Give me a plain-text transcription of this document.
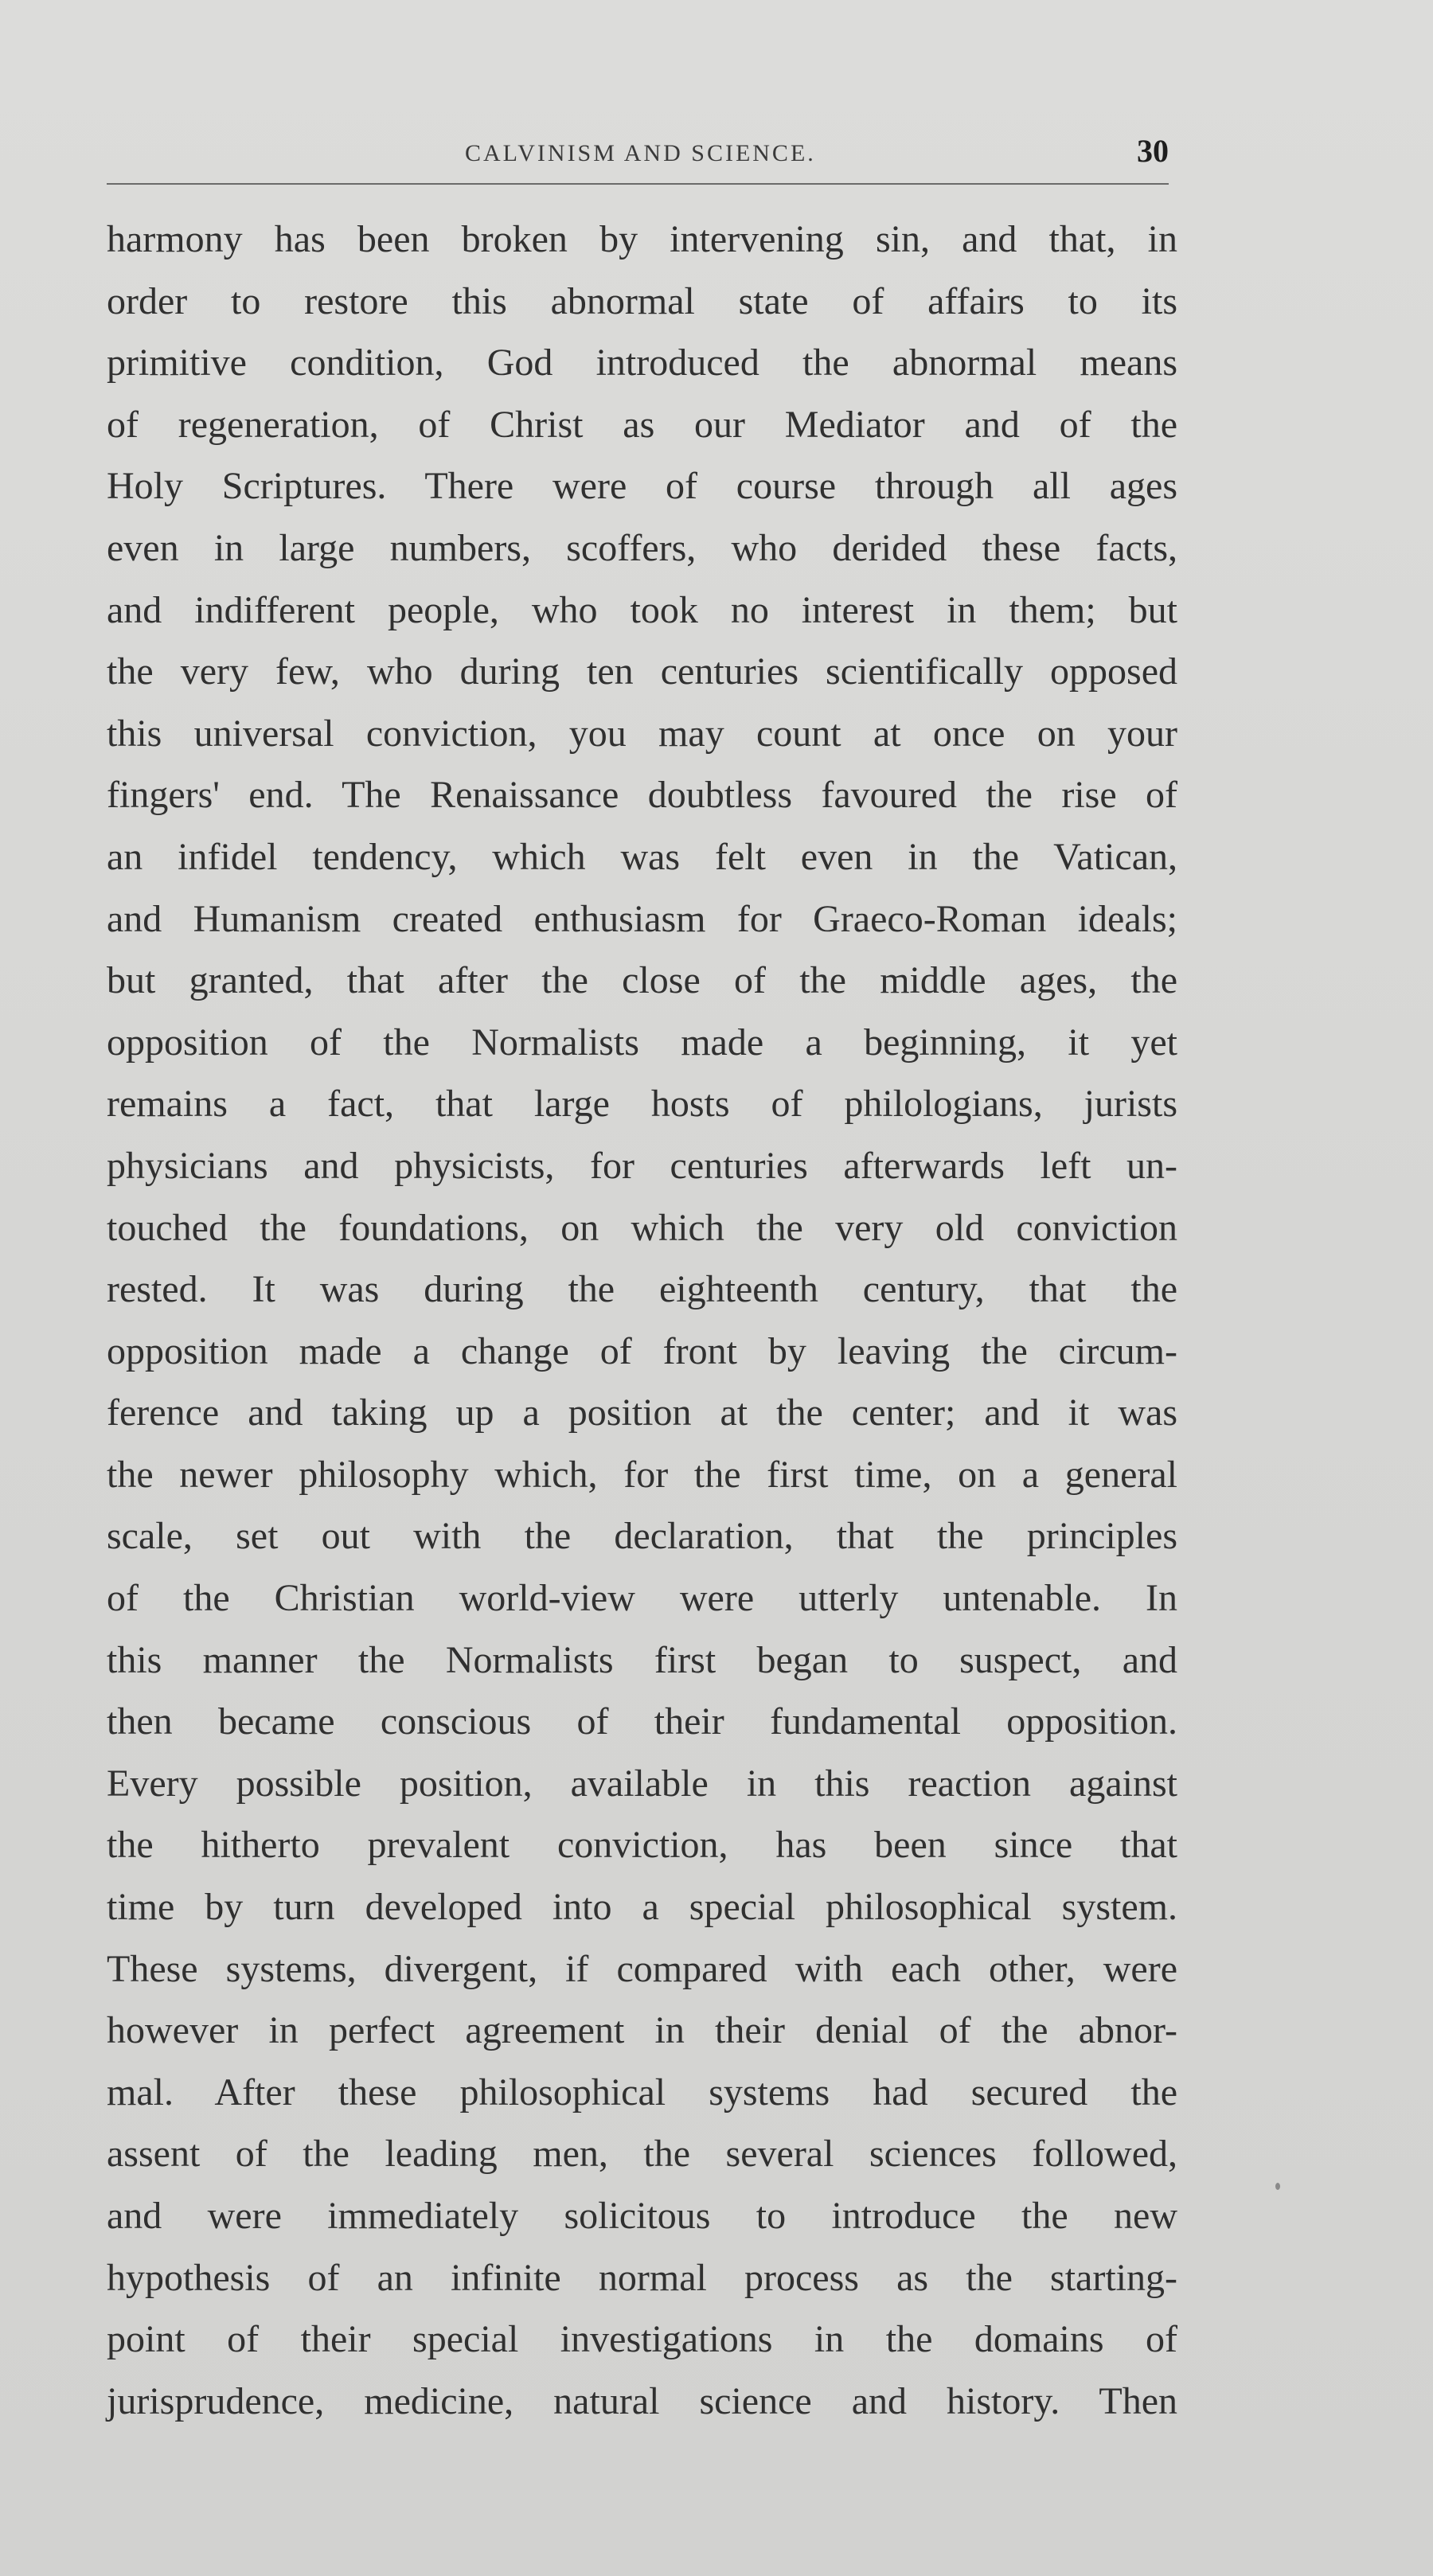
CALVINISM AND SCIENCE.	30
harmony has been broken by intervening sin, and that, in
order to restore this abnormal state of affairs to its
primitive condition, God introduced the abnormal means
of regeneration, of Christ as our Mediator and of the
Holy Scriptures. There were of course through all ages
even in large numbers, scoffers, who derided these facts,
and indifferent people, who took no interest in them; but
the very few, who during ten centuries scientifically opposed
this universal conviction, you may count at once on your
fingers' end. The Renaissance doubtless favoured the rise of
an infidel tendency, which was felt even in the Vatican,
and Humanism created enthusiasm for Graeco-Roman ideals;
but granted, that after the close of the middle ages, the
opposition of the Normalists made a beginning, it yet
remains a fact, that large hosts of philologians, jurists
physicians and physicists, for centuries afterwards left un-
touched the foundations, on which the very old conviction
rested. It was during the eighteenth century, that the
opposition made a change of front by leaving the circum-
ference and taking up a position at the center; and it was
the newer philosophy which, for the first time, on a general
scale, set out with the declaration, that the principles
of the Christian world-view were utterly untenable. In
this manner the Normalists first began to suspect, and
then became conscious of their fundamental opposition.
Every possible position, available in this reaction against
the hitherto prevalent conviction, has been since that
time by turn developed into a special philosophical system.
These systems, divergent, if compared with each other, were
however in perfect agreement in their denial of the abnor-
mal. After these philosophical systems had secured the
assent of the leading men, the several sciences followed,
and were immediately solicitous to introduce the new
hypothesis of an infinite normal process as the starting-
point of their special investigations in the domains of
jurisprudence, medicine, natural science and history. Then
